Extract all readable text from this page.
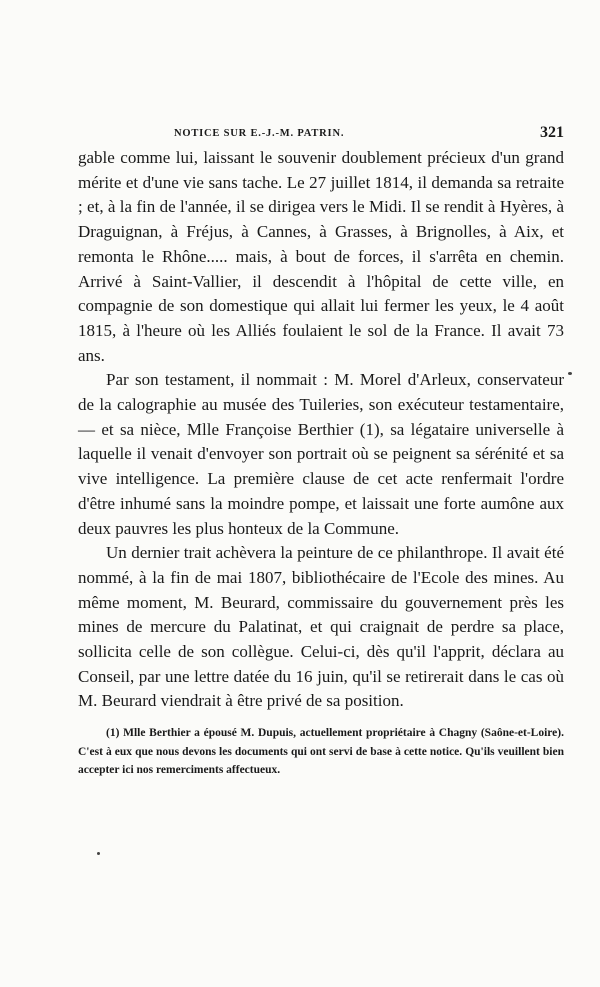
NOTICE SUR E.-J.-M. PATRIN.	321

gable comme lui, laissant le souvenir doublement précieux d'un grand mérite et d'une vie sans tache. Le 27 juillet 1814, il demanda sa retraite ; et, à la fin de l'année, il se dirigea vers le Midi. Il se rendit à Hyères, à Draguignan, à Fréjus, à Cannes, à Grasses, à Brignolles, à Aix, et remonta le Rhône..... mais, à bout de forces, il s'arrêta en chemin. Arrivé à Saint-Vallier, il descendit à l'hôpital de cette ville, en compagnie de son domestique qui allait lui fermer les yeux, le 4 août 1815, à l'heure où les Alliés foulaient le sol de la France. Il avait 73 ans.

Par son testament, il nommait : M. Morel d'Arleux, conservateur de la calographie au musée des Tuileries, son exécuteur testamentaire, — et sa nièce, Mlle Françoise Berthier (1), sa légataire universelle à laquelle il venait d'envoyer son portrait où se peignent sa sérénité et sa vive intelligence. La première clause de cet acte renfermait l'ordre d'être inhumé sans la moindre pompe, et laissait une forte aumône aux deux pauvres les plus honteux de la Commune.

Un dernier trait achèvera la peinture de ce philanthrope. Il avait été nommé, à la fin de mai 1807, bibliothécaire de l'Ecole des mines. Au même moment, M. Beurard, commissaire du gouvernement près les mines de mercure du Palatinat, et qui craignait de perdre sa place, sollicita celle de son collègue. Celui-ci, dès qu'il l'apprit, déclara au Conseil, par une lettre datée du 16 juin, qu'il se retirerait dans le cas où M. Beurard viendrait à être privé de sa position.

(1) Mlle Berthier a épousé M. Dupuis, actuellement propriétaire à Chagny (Saône-et-Loire). C'est à eux que nous devons les documents qui ont servi de base à cette notice. Qu'ils veuillent bien accepter ici nos remerciments affectueux.
